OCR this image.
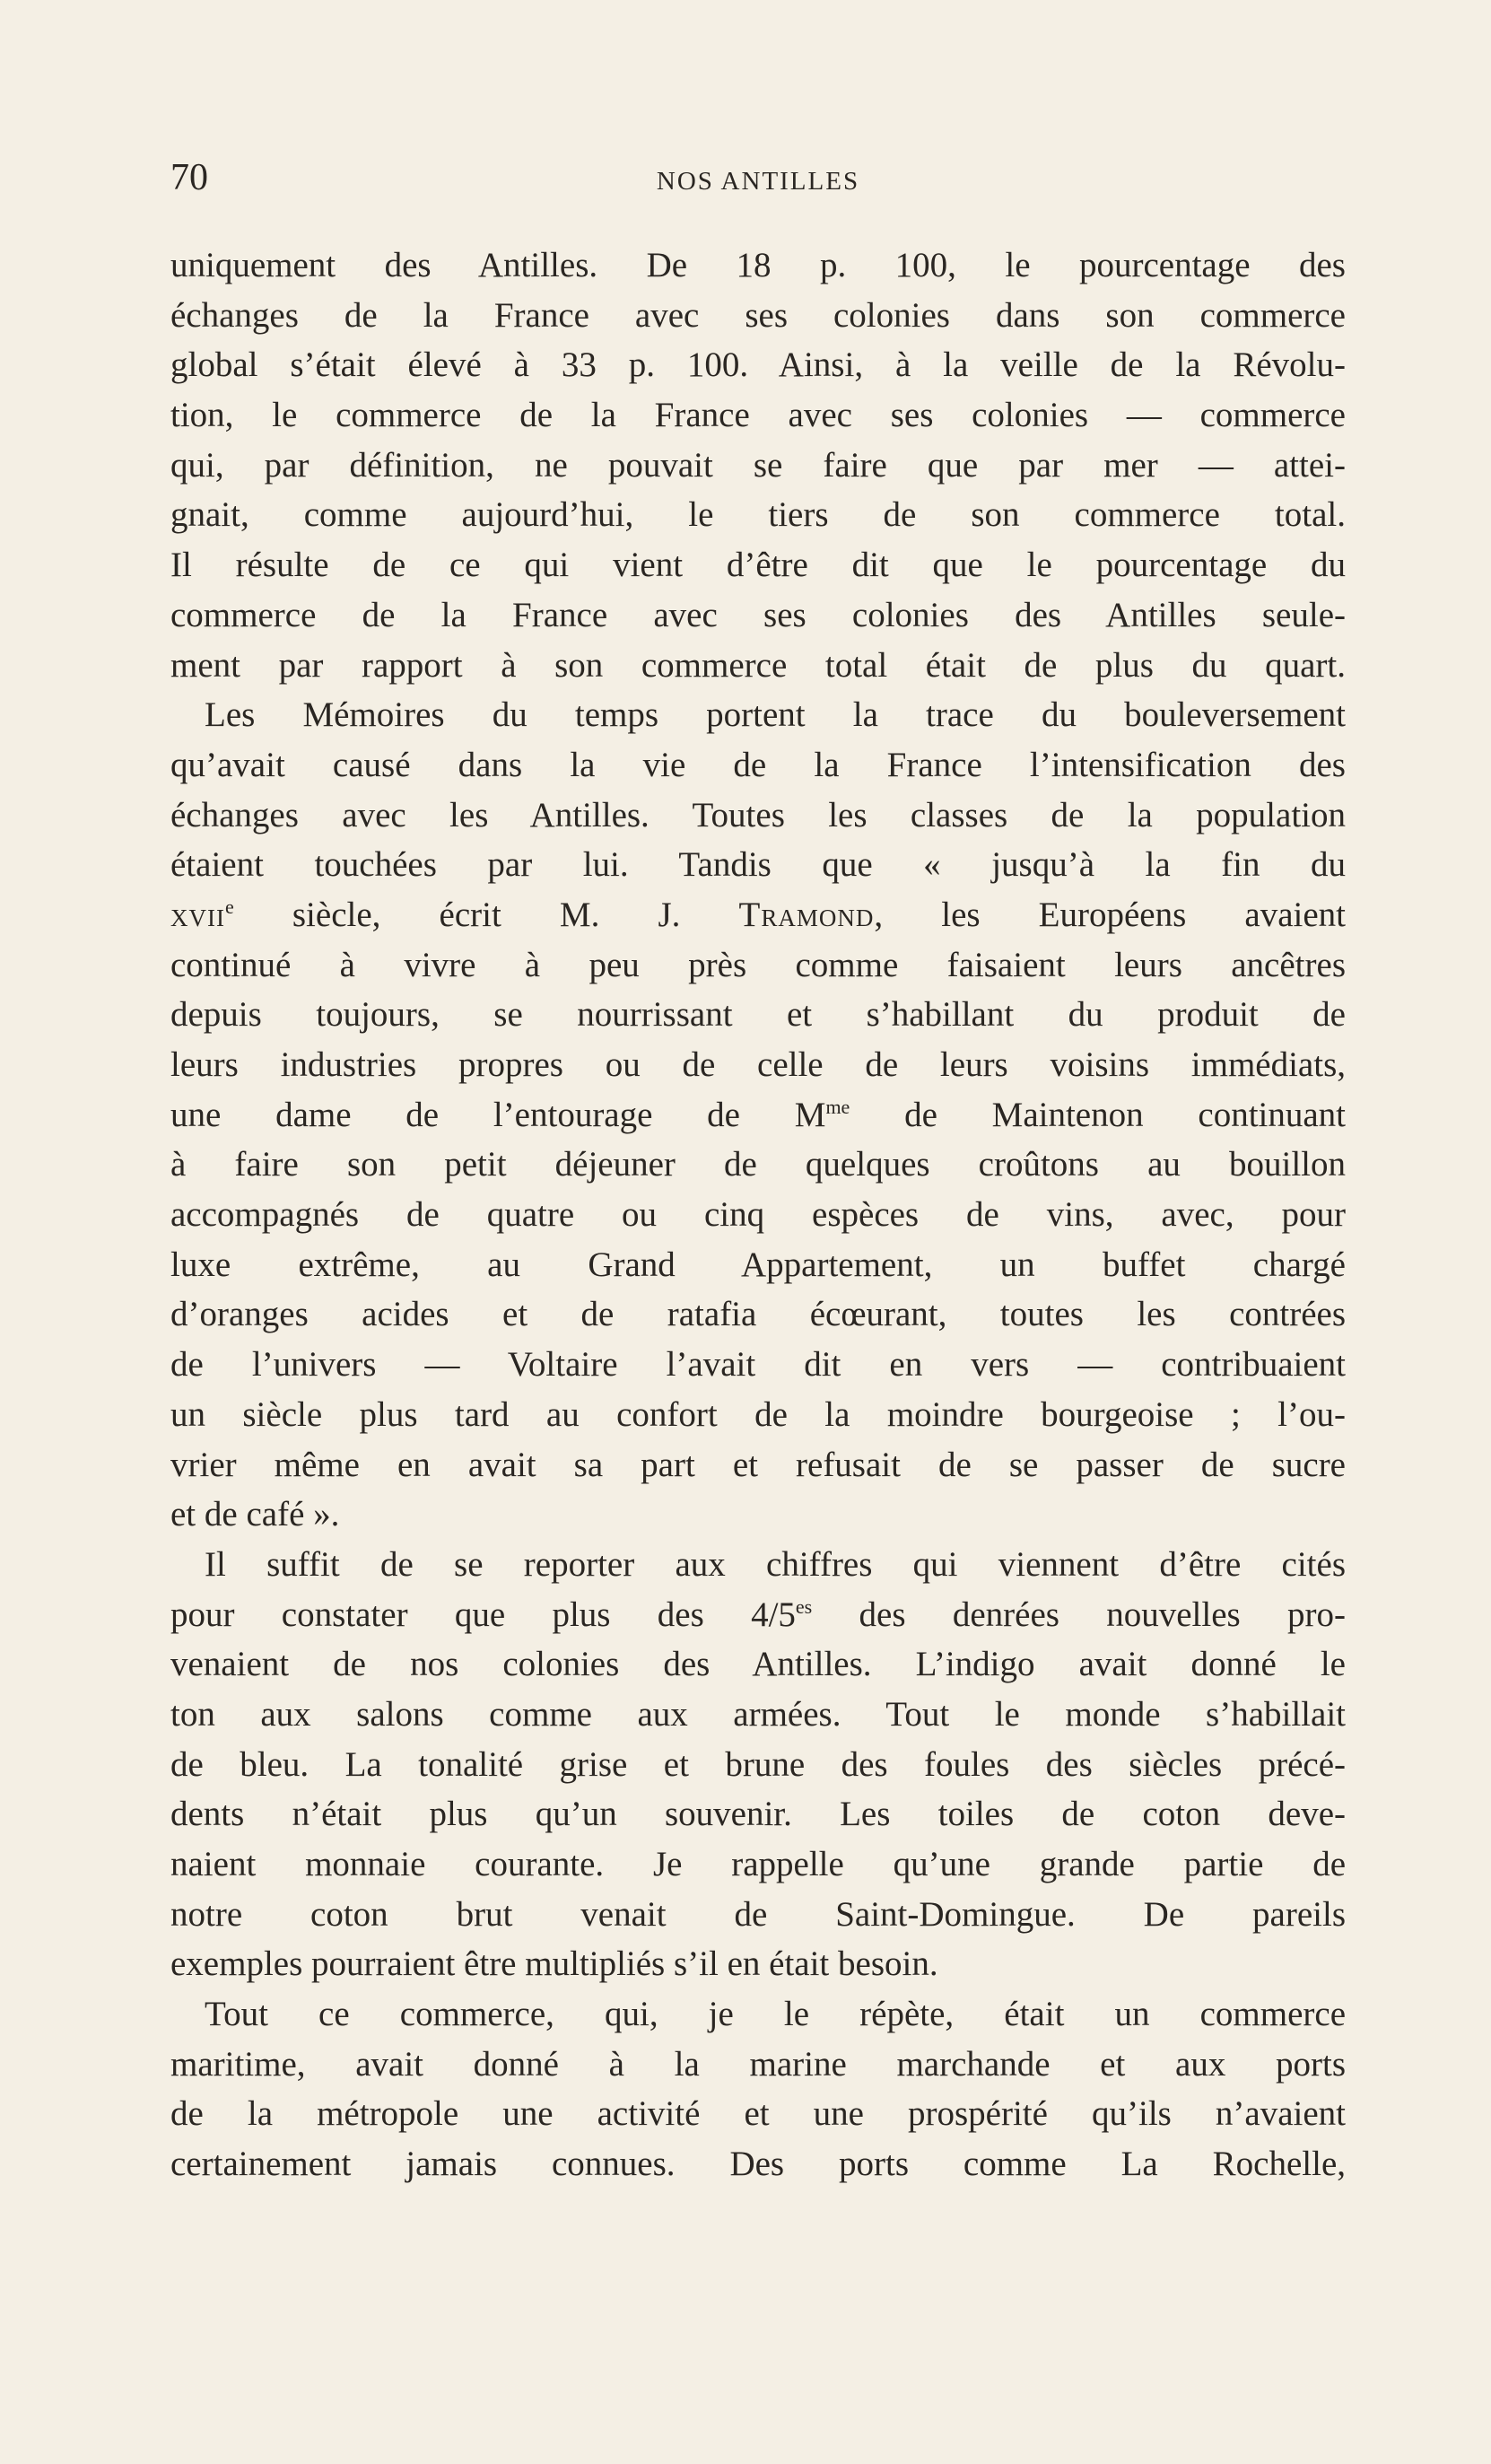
70	NOS ANTILLES
uniquement des Antilles. De 18 p. 100, le pourcentage des
échanges de la France avec ses colonies dans son commerce
global s’était élevé à 33 p. 100. Ainsi, à la veille de la Révolu-
tion, le commerce de la France avec ses colonies — commerce
qui, par définition, ne pouvait se faire que par mer — attei-
gnait, comme aujourd’hui, le tiers de son commerce total.
Il résulte de ce qui vient d’être dit que le pourcentage du
commerce de la France avec ses colonies des Antilles seule-
ment par rapport à son commerce total était de plus du quart.
Les Mémoires du temps portent la trace du bouleversement
qu’avait causé dans la vie de la France l’intensification des
échanges avec les Antilles. Toutes les classes de la population
étaient touchées par lui. Tandis que « jusqu’à la fin du
xvii$^e$ siècle, écrit M. J. Tramond, les Européens avaient
continué à vivre à peu près comme faisaient leurs ancêtres
depuis toujours, se nourrissant et s’habillant du produit de
leurs industries propres ou de celle de leurs voisins immédiats,
une dame de l’entourage de $M^{me}$ de Maintenon continuant
à faire son petit déjeuner de quelques croûtons au bouillon
accompagnés de quatre ou cinq espèces de vins, avec, pour
luxe extrême, au Grand Appartement, un buffet chargé
d’oranges acides et de ratafia écœurant, toutes les contrées
de l’univers — Voltaire l’avait dit en vers — contribuaient
un siècle plus tard au confort de la moindre bourgeoise ; l’ou-
vrier même en avait sa part et refusait de se passer de sucre
et de café ».
Il suffit de se reporter aux chiffres qui viennent d’être cités
pour constater que plus des $4/5^{es}$ des denrées nouvelles pro-
venaient de nos colonies des Antilles. L’indigo avait donné le
ton aux salons comme aux armées. Tout le monde s’habillait
de bleu. La tonalité grise et brune des foules des siècles précé-
dents n’était plus qu’un souvenir. Les toiles de coton deve-
naient monnaie courante. Je rappelle qu’une grande partie de
notre coton brut venait de Saint-Domingue. De pareils
exemples pourraient être multipliés s’il en était besoin.
Tout ce commerce, qui, je le répète, était un commerce
maritime, avait donné à la marine marchande et aux ports
de la métropole une activité et une prospérité qu’ils n’avaient
certainement jamais connues. Des ports comme La Rochelle,
